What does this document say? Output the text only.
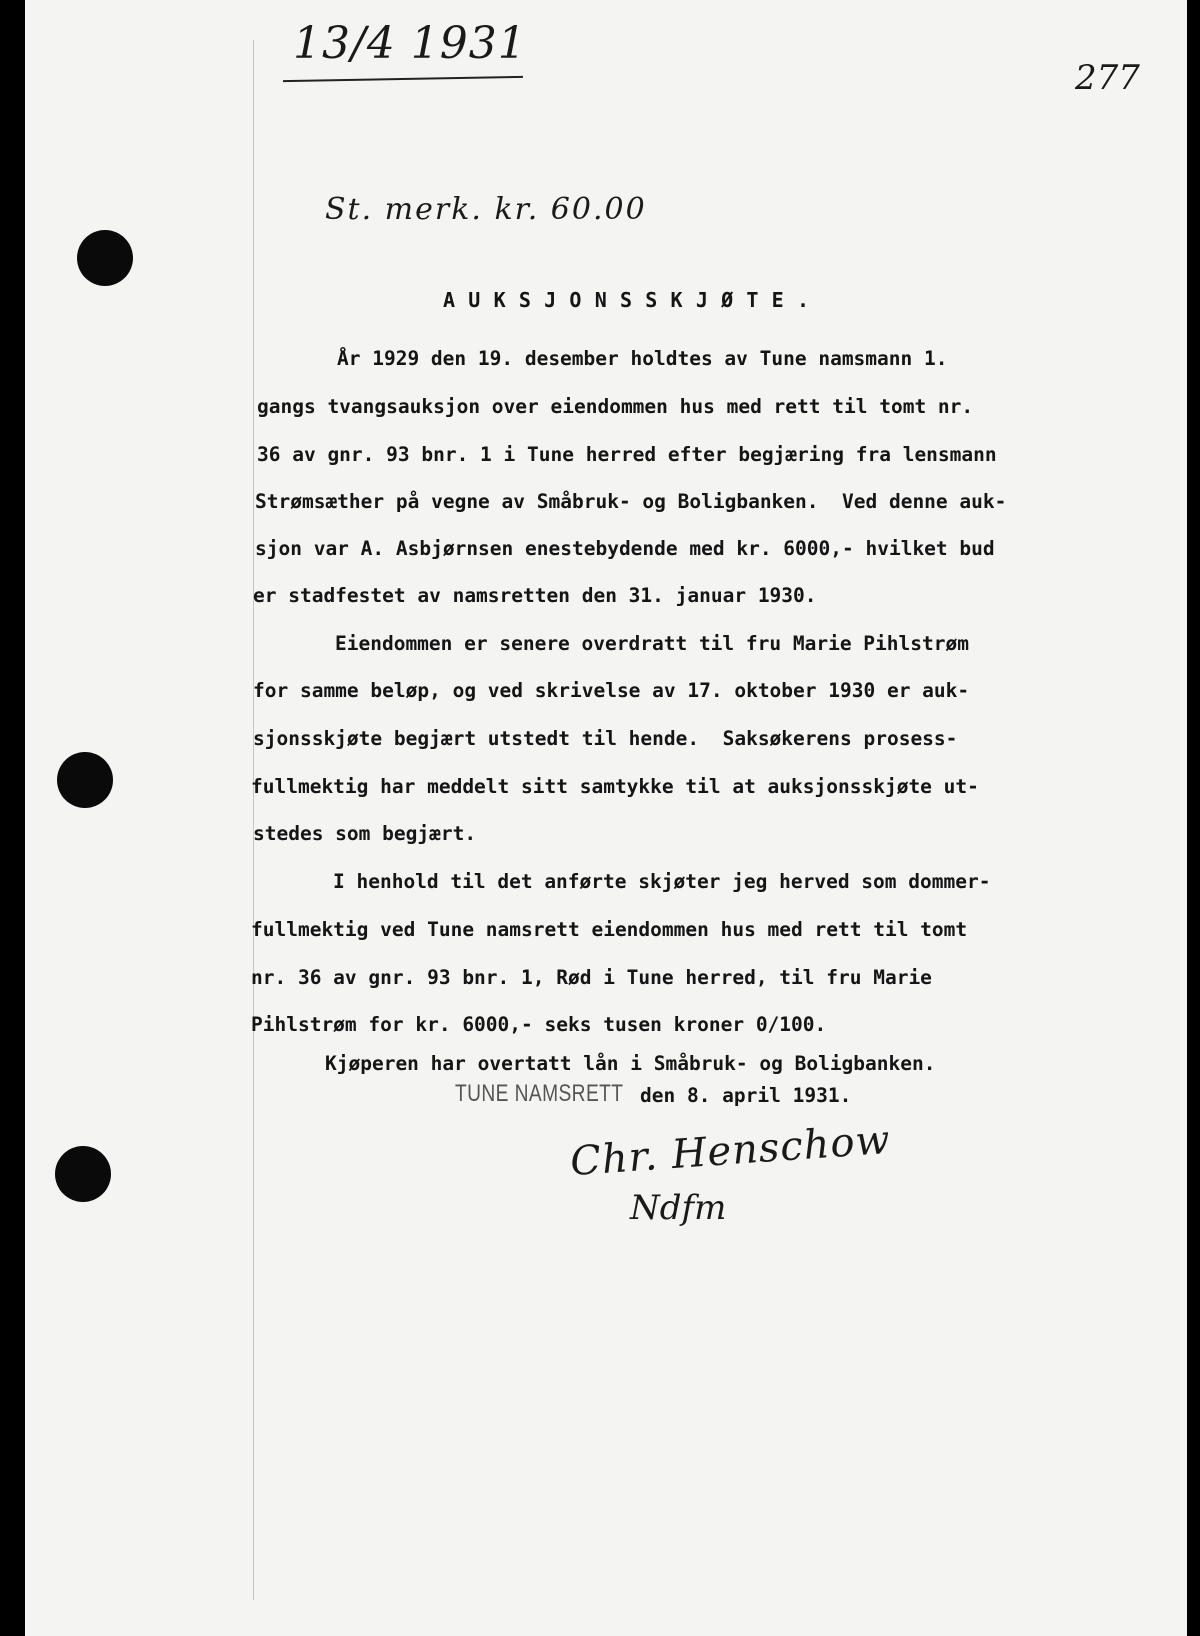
13/4 1931
277
St. merk. kr. 60.00
A U K S J O N S S K J Ø T E .
År 1929 den 19. desember holdtes av Tune namsmann 1.
gangs tvangsauksjon over eiendommen hus med rett til tomt nr.
36 av gnr. 93 bnr. 1 i Tune herred efter begjæring fra lensmann
Strømsæther på vegne av Småbruk- og Boligbanken.  Ved denne auk-
sjon var A. Asbjørnsen enestebydende med kr. 6000,- hvilket bud
er stadfestet av namsretten den 31. januar 1930.
Eiendommen er senere overdratt til fru Marie Pihlstrøm
for samme beløp, og ved skrivelse av 17. oktober 1930 er auk-
sjonsskjøte begjært utstedt til hende.  Saksøkerens prosess-
fullmektig har meddelt sitt samtykke til at auksjonsskjøte ut-
stedes som begjært.
I henhold til det anførte skjøter jeg herved som dommer-
fullmektig ved Tune namsrett eiendommen hus med rett til tomt
nr. 36 av gnr. 93 bnr. 1, Rød i Tune herred, til fru Marie
Pihlstrøm for kr. 6000,- seks tusen kroner 0/100.
Kjøperen har overtatt lån i Småbruk- og Boligbanken.
TUNE NAMSRETT den 8. april 1931.
Chr. Henschow
Ndfm
